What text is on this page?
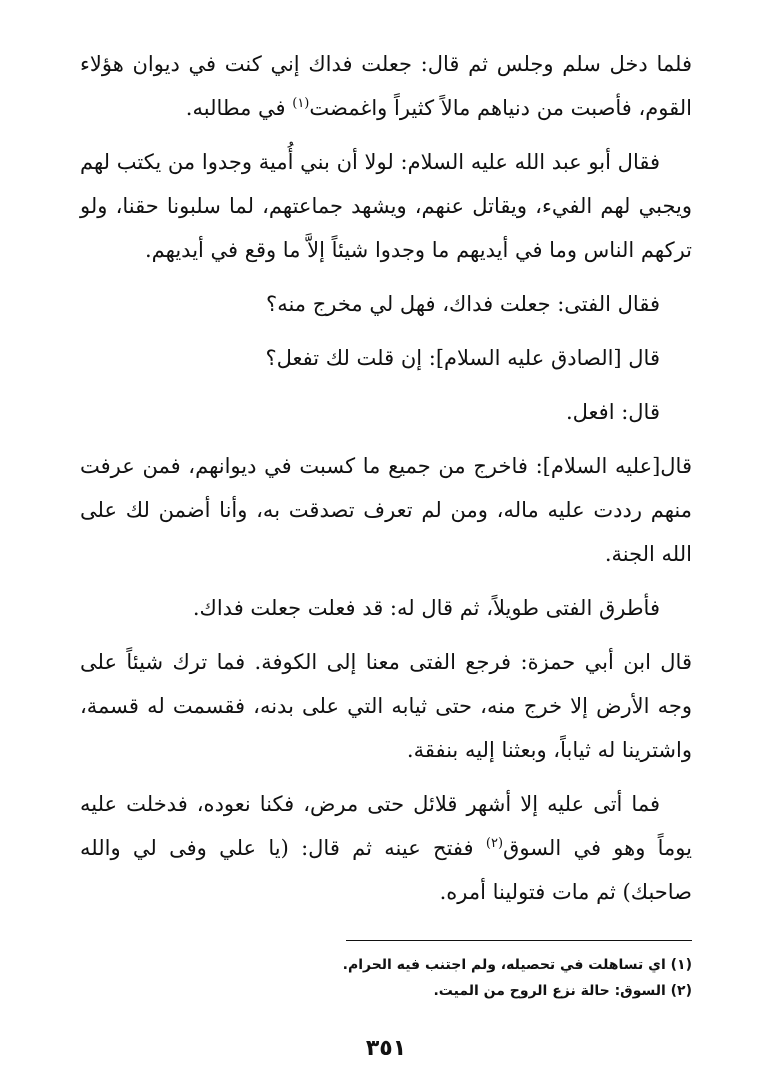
فلما دخل سلم وجلس ثم قال: جعلت فداك إني كنت في ديوان هؤلاء القوم، فأصبت من دنياهم مالاً كثيراً واغمضت$^{(١)}$ في مطالبه.

فقال أبو عبد الله عليه السلام: لولا أن بني أُمية وجدوا من يكتب لهم ويجبي لهم الفيء، ويقاتل عنهم، ويشهد جماعتهم، لما سلبونا حقنا، ولو تركهم الناس وما في أيديهم ما وجدوا شيئاً إلاَّ ما وقع في أيديهم.

فقال الفتى: جعلت فداك، فهل لي مخرج منه؟

قال [الصادق عليه السلام]: إن قلت لك تفعل؟

قال: افعل.

قال[عليه السلام]: فاخرج من جميع ما كسبت في ديوانهم، فمن عرفت منهم رددت عليه ماله، ومن لم تعرف تصدقت به، وأنا أضمن لك على الله الجنة.

فأطرق الفتى طويلاً، ثم قال له: قد فعلت جعلت فداك.

قال ابن أبي حمزة: فرجع الفتى معنا إلى الكوفة. فما ترك شيئاً على وجه الأرض إلا خرج منه، حتى ثيابه التي على بدنه، فقسمت له قسمة، واشترينا له ثياباً، وبعثنا إليه بنفقة.

فما أتى عليه إلا أشهر قلائل حتى مرض، فكنا نعوده، فدخلت عليه يوماً وهو في السوق$^{(٢)}$ ففتح عينه ثم قال: (يا علي وفى لي والله صاحبك) ثم مات فتولينا أمره.

(١) اي تساهلت في تحصيله، ولم اجتنب فيه الحرام.

(٢) السوق: حالة نزع الروح من الميت.

٣٥١
